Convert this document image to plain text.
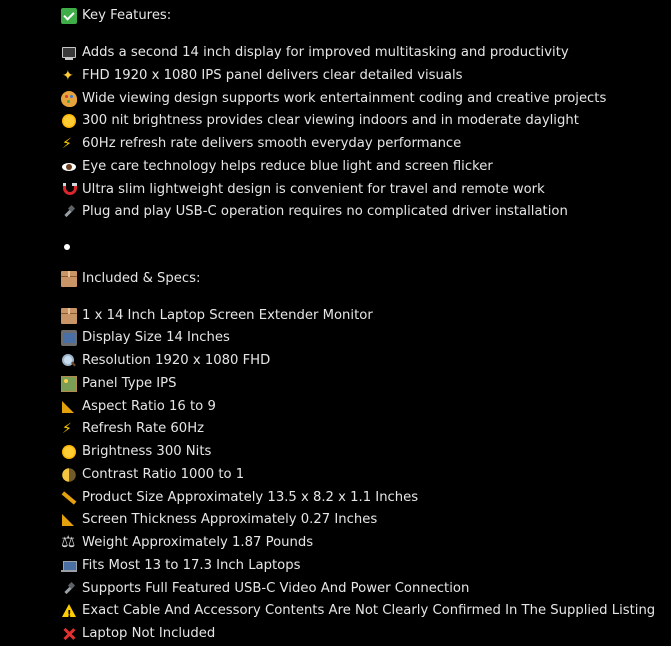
Key Features:
Adds a second 14 inch display for improved multitasking and productivity
✦
FHD 1920 x 1080 IPS panel delivers clear detailed visuals
Wide viewing design supports work entertainment coding and creative projects
300 nit brightness provides clear viewing indoors and in moderate daylight
⚡
60Hz refresh rate delivers smooth everyday performance
Eye care technology helps reduce blue light and screen flicker
Ultra slim lightweight design is convenient for travel and remote work
Plug and play USB-C operation requires no complicated driver installation
Included & Specs:
1 x 14 Inch Laptop Screen Extender Monitor
Display Size 14 Inches
Resolution 1920 x 1080 FHD
Panel Type IPS
Aspect Ratio 16 to 9
⚡
Refresh Rate 60Hz
Brightness 300 Nits
Contrast Ratio 1000 to 1
Product Size Approximately 13.5 x 8.2 x 1.1 Inches
Screen Thickness Approximately 0.27 Inches
⚖
Weight Approximately 1.87 Pounds
Fits Most 13 to 17.3 Inch Laptops
Supports Full Featured USB-C Video And Power Connection
!
Exact Cable And Accessory Contents Are Not Clearly Confirmed In The Supplied Listing
Laptop Not Included
